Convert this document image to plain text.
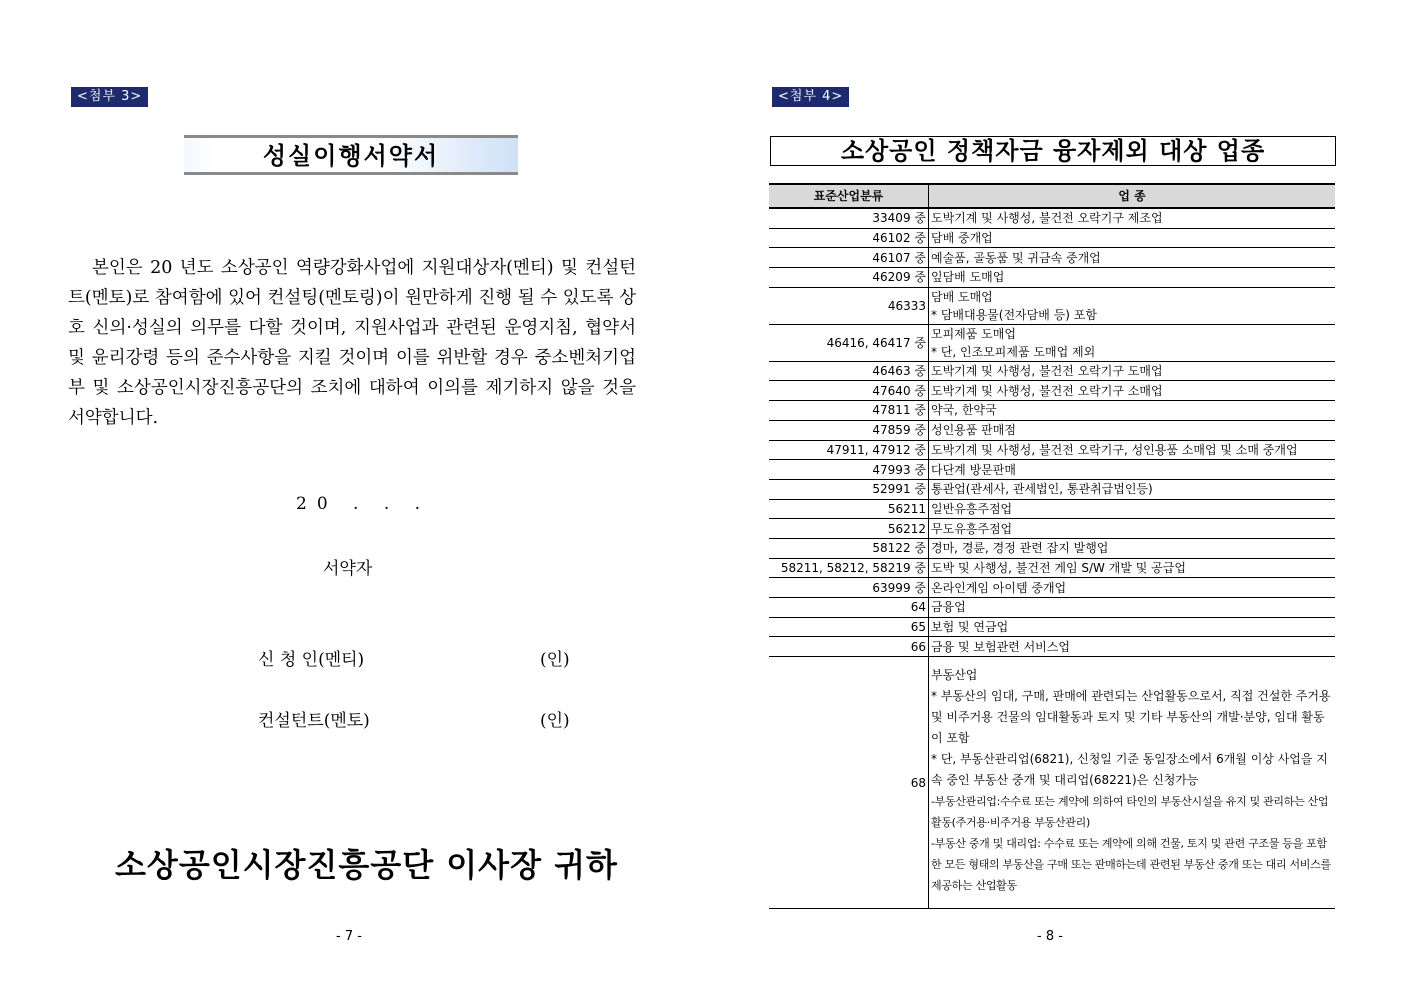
<첨부 3>
성실이행서약서
본인은 20 년도 소상공인 역량강화사업에 지원대상자(멘티) 및 컨설턴트(멘토)로 참여함에 있어 컨설팅(멘토링)이 원만하게 진행 될 수 있도록 상호 신의·성실의 의무를 다할 것이며, 지원사업과 관련된 운영지침, 협약서 및 윤리강령 등의 준수사항을 지킬 것이며 이를 위반할 경우 중소벤처기업부 및 소상공인시장진흥공단의 조치에 대하여 이의를 제기하지 않을 것을 서약합니다.
20 . . .
서약자
신 청 인(멘티)	(인)
컨설턴트(멘토)	(인)
소상공인시장진흥공단 이사장 귀하
- 7 -
<첨부 4>
소상공인 정책자금 융자제외 대상 업종
표준산업분류	업 종
33409 중	도박기계 및 사행성, 불건전 오락기구 제조업

46102 중	담배 중개업

46107 중	예술품, 골동품 및 귀금속 중개업

46209 중	잎담배 도매업

46333	담배 도매업
* 담배대용물(전자담배 등) 포함

46416, 46417 중	모피제품 도매업
* 단, 인조모피제품 도매업 제외

46463 중	도박기계 및 사행성, 불건전 오락기구 도매업

47640 중	도박기계 및 사행성, 불건전 오락기구 소매업

47811 중	약국, 한약국

47859 중	성인용품 판매점

47911, 47912 중	도박기계 및 사행성, 불건전 오락기구, 성인용품 소매업 및 소매 중개업

47993 중	다단계 방문판매

52991 중	통관업(관세사, 관세법인, 통관취급법인등)

56211	일반유흥주점업

56212	무도유흥주점업

58122 중	경마, 경륜, 경정 관련 잡지 발행업

58211, 58212, 58219 중	도박 및 사행성, 불건전 게임 S/W 개발 및 공급업

63999 중	온라인게임 아이템 중개업

64	금융업

65	보험 및 연금업

66	금융 및 보험관련 서비스업

68	부동산업
* 부동산의 임대, 구매, 판매에 관련되는 산업활동으로서, 직접 건설한 주거용 및 비주거용 건물의 임대활동과 토지 및 기타 부동산의 개발·분양, 임대 활동이 포함
* 단, 부동산관리업(6821), 신청일 기준 동일장소에서 6개월 이상 사업을 지속 중인 부동산 중개 및 대리업(68221)은 신청가능
-부동산관리업:수수료 또는 계약에 의하여 타인의 부동산시설을 유지 및 관리하는 산업활동(주거용·비주거용 부동산관리)
-부동산 중개 및 대리업: 수수료 또는 계약에 의해 건물, 토지 및 관련 구조물 등을 포함한 모든 형태의 부동산을 구매 또는 판매하는데 관련된 부동산 중개 또는 대리 서비스를 제공하는 산업활동
- 8 -
